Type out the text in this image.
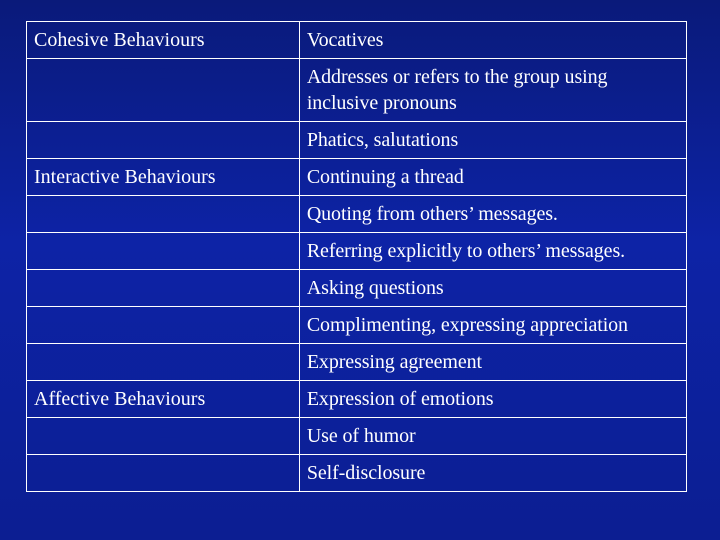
Cohesive Behaviours	Vocatives
	Addresses or refers to the group using inclusive pronouns
	Phatics, salutations
Interactive Behaviours	Continuing a thread
	Quoting from others’ messages.
	Referring explicitly to others’ messages.
	Asking questions
	Complimenting, expressing appreciation
	Expressing agreement
Affective Behaviours	Expression of emotions
	Use of humor
	Self-disclosure
